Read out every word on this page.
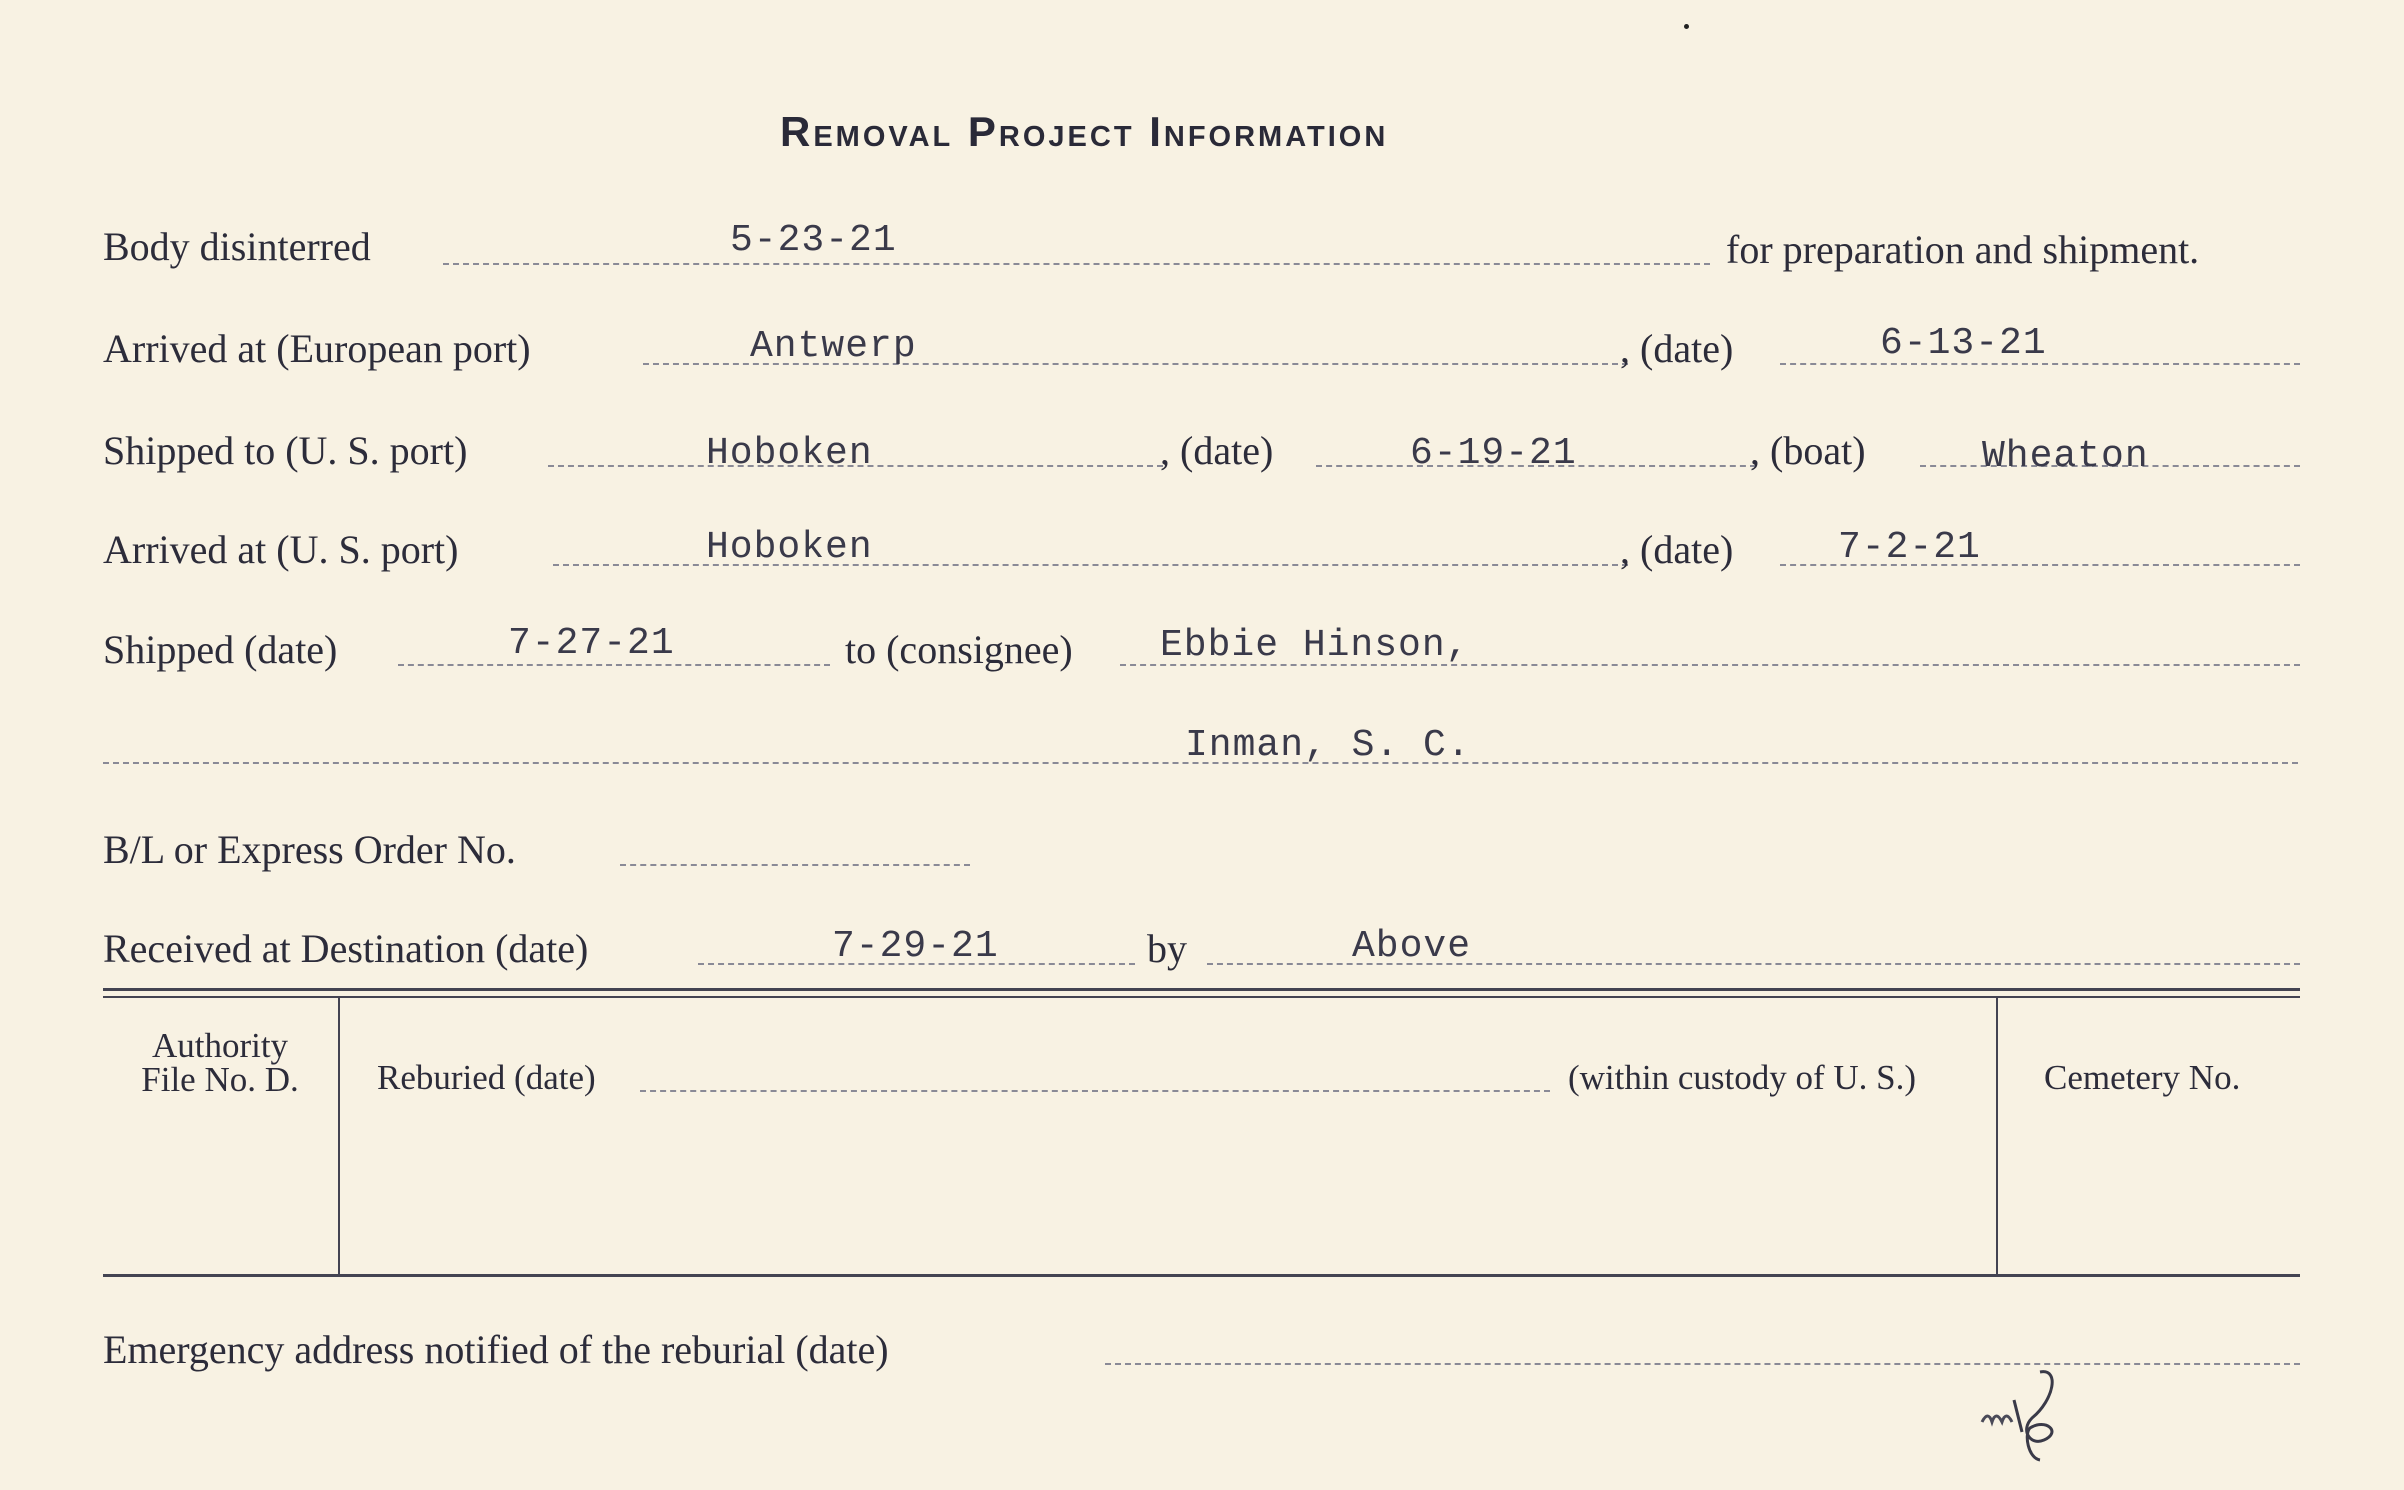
Removal Project Information
Body disinterred	5-23-21	for preparation and shipment.
Arrived at (European port)	Antwerp	, (date)	6-13-21
Shipped to (U. S. port)	Hoboken	, (date)	6-19-21	, (boat)	Wheaton
Arrived at (U. S. port)	Hoboken	, (date)	7-2-21
Shipped (date)	7-27-21	to (consignee) Ebbie Hinson,
Inman, S. C.
B/L or Express Order No.
Received at Destination (date)	7-29-21	by	Above
Authority
File No. D.	Reburied (date)	(within custody of U. S.)	Cemetery No.
Emergency address notified of the reburial (date)
